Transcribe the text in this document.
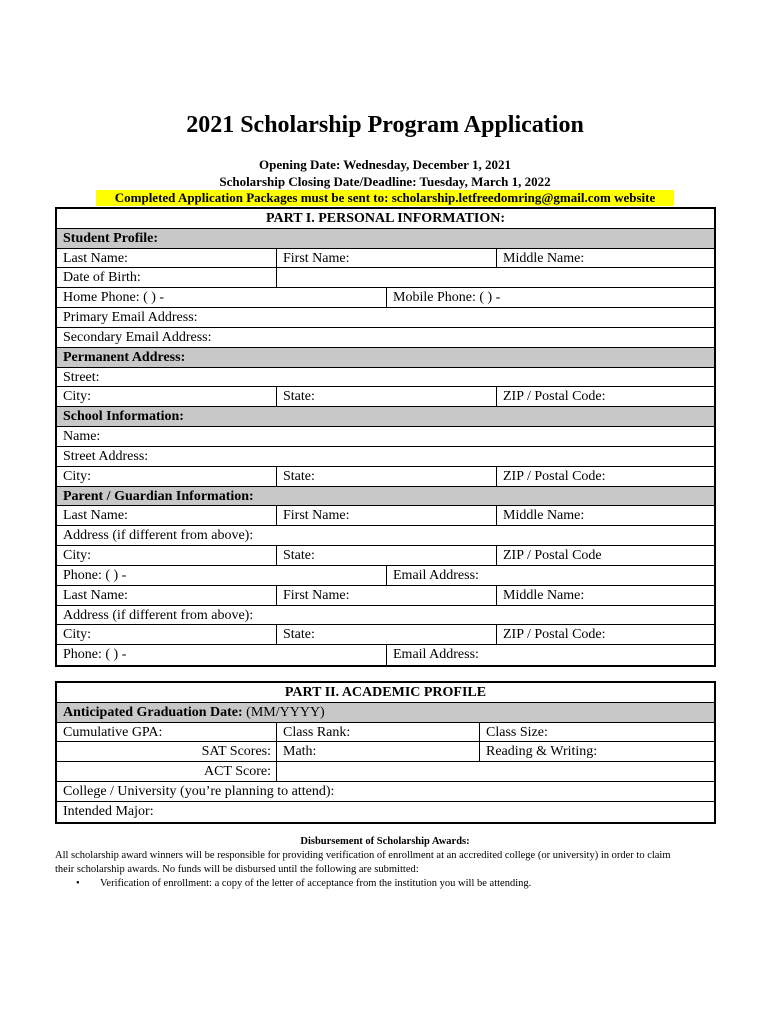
2021 Scholarship Program Application
Opening Date: Wednesday, December 1, 2021
Scholarship Closing Date/Deadline: Tuesday, March 1, 2022
Completed Application Packages must be sent to: scholarship.letfreedomring@gmail.com website
PART I. PERSONAL INFORMATION:
Student Profile:
Last Name:	First Name:	Middle Name:
Date of Birth:
Home Phone: ( ) -	Mobile Phone: ( ) -
Primary Email Address:
Secondary Email Address:
Permanent Address:
Street:
City:	State:	ZIP / Postal Code:
School Information:
Name:
Street Address:
City:	State:	ZIP / Postal Code:
Parent / Guardian Information:
Last Name:	First Name:	Middle Name:
Address (if different from above):
City:	State:	ZIP / Postal Code
Phone: ( ) -	Email Address:
Last Name:	First Name:	Middle Name:
Address (if different from above):
City:	State:	ZIP / Postal Code:
Phone: ( ) -	Email Address:
PART II. ACADEMIC PROFILE
Anticipated Graduation Date: (MM/YYYY)
Cumulative GPA:	Class Rank:	Class Size:
SAT Scores: Math:	Reading & Writing:
ACT Score:
College / University (you’re planning to attend):
Intended Major:
Disbursement of Scholarship Awards:
All scholarship award winners will be responsible for providing verification of enrollment at an accredited college (or university) in order to claim
their scholarship awards. No funds will be disbursed until the following are submitted:
• Verification of enrollment: a copy of the letter of acceptance from the institution you will be attending.
